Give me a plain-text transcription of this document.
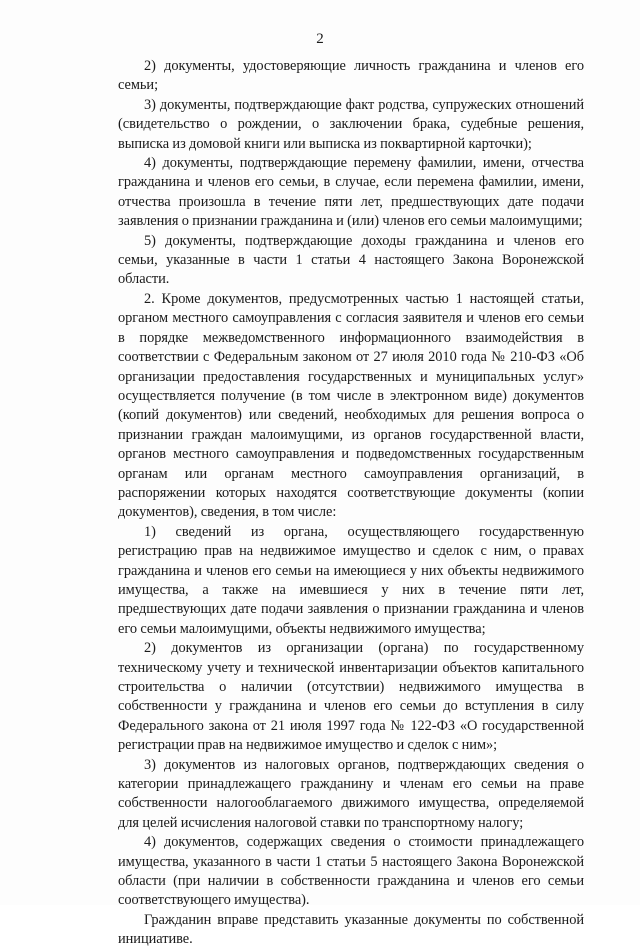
2

2) документы, удостоверяющие личность гражданина и членов его семьи;

3) документы, подтверждающие факт родства, супружеских отношений (свидетельство о рождении, о заключении брака, судебные решения, выписка из домовой книги или выписка из поквартирной карточки);

4) документы, подтверждающие перемену фамилии, имени, отчества гражданина и членов его семьи, в случае, если перемена фамилии, имени, отчества произошла в течение пяти лет, предшествующих дате подачи заявления о признании гражданина и (или) членов его семьи малоимущими;

5) документы, подтверждающие доходы гражданина и членов его семьи, указанные в части 1 статьи 4 настоящего Закона Воронежской области.

2. Кроме документов, предусмотренных частью 1 настоящей статьи, органом местного самоуправления с согласия заявителя и членов его семьи в порядке межведомственного информационного взаимодействия в соответствии с Федеральным законом от 27 июля 2010 года № 210-ФЗ «Об организации предоставления государственных и муниципальных услуг» осуществляется получение (в том числе в электронном виде) документов (копий документов) или сведений, необходимых для решения вопроса о признании граждан малоимущими, из органов государственной власти, органов местного самоуправления и подведомственных государственным органам или органам местного самоуправления организаций, в распоряжении которых находятся соответствующие документы (копии документов), сведения, в том числе:

1) сведений из органа, осуществляющего государственную регистрацию прав на недвижимое имущество и сделок с ним, о правах гражданина и членов его семьи на имеющиеся у них объекты недвижимого имущества, а также на имевшиеся у них в течение пяти лет, предшествующих дате подачи заявления о признании гражданина и членов его семьи малоимущими, объекты недвижимого имущества;

2) документов из организации (органа) по государственному техническому учету и технической инвентаризации объектов капитального строительства о наличии (отсутствии) недвижимого имущества в собственности у гражданина и членов его семьи до вступления в силу Федерального закона от 21 июля 1997 года № 122-ФЗ «О государственной регистрации прав на недвижимое имущество и сделок с ним»;

3) документов из налоговых органов, подтверждающих сведения о категории принадлежащего гражданину и членам его семьи на праве собственности налогооблагаемого движимого имущества, определяемой для целей исчисления налоговой ставки по транспортному налогу;

4) документов, содержащих сведения о стоимости принадлежащего имущества, указанного в части 1 статьи 5 настоящего Закона Воронежской области (при наличии в собственности гражданина и членов его семьи соответствующего имущества).

Гражданин вправе представить указанные документы по собственной инициативе.
